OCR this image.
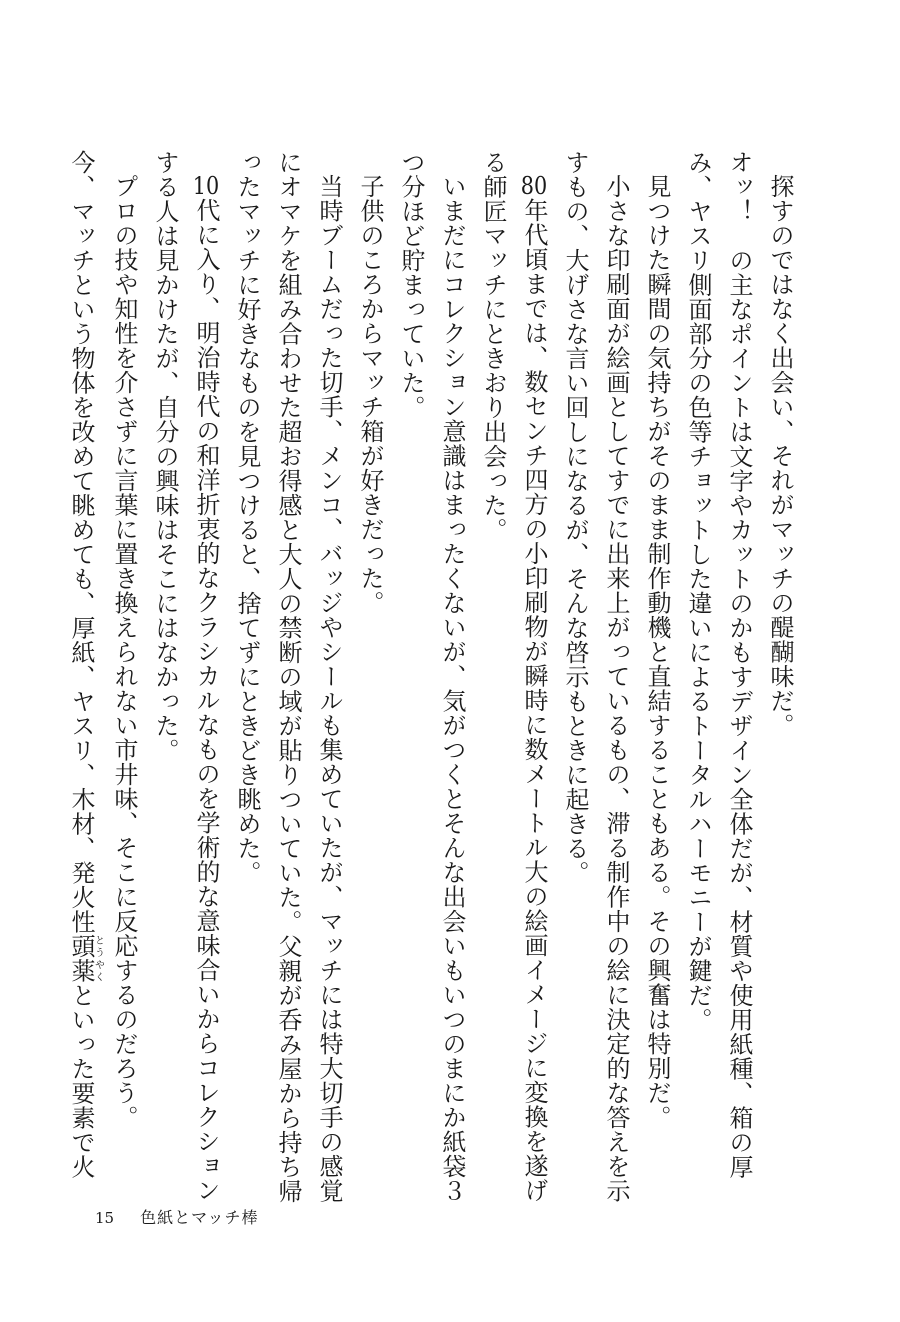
探すのではなく出会い、それがマッチの醍醐味だ。

オッ！　の主なポイントは文字やカットのかもすデザイン全体だが、材質や使用紙種、箱の厚

み、ヤスリ側面部分の色等チョットした違いによるトータルハーモニーが鍵だ。

見つけた瞬間の気持ちがそのまま制作動機と直結することもある。その興奮は特別だ。

小さな印刷面が絵画としてすでに出来上がっているもの、滞る制作中の絵に決定的な答えを示

すもの、大げさな言い回しになるが、そんな啓示もときに起きる。

80年代頃までは、数センチ四方の小印刷物が瞬時に数メートル大の絵画イメージに変換を遂げ

る師匠マッチにときおり出会った。

いまだにコレクション意識はまったくないが、気がつくとそんな出会いもいつのまにか紙袋３

つ分ほど貯まっていた。

子供のころからマッチ箱が好きだった。

当時ブームだった切手、メンコ、バッジやシールも集めていたが、マッチには特大切手の感覚

にオマケを組み合わせた超お得感と大人の禁断の域が貼りついていた。父親が呑み屋から持ち帰

ったマッチに好きなものを見つけると、捨てずにときどき眺めた。

10代に入り、明治時代の和洋折衷的なクラシカルなものを学術的な意味合いからコレクション

する人は見かけたが、自分の興味はそこにはなかった。

プロの技や知性を介さずに言葉に置き換えられない市井味、そこに反応するのだろう。

今、マッチという物体を改めて眺めても、厚紙、ヤスリ、木材、発火性頭薬とうやくといった要素で火

15 色紙とマッチ棒
